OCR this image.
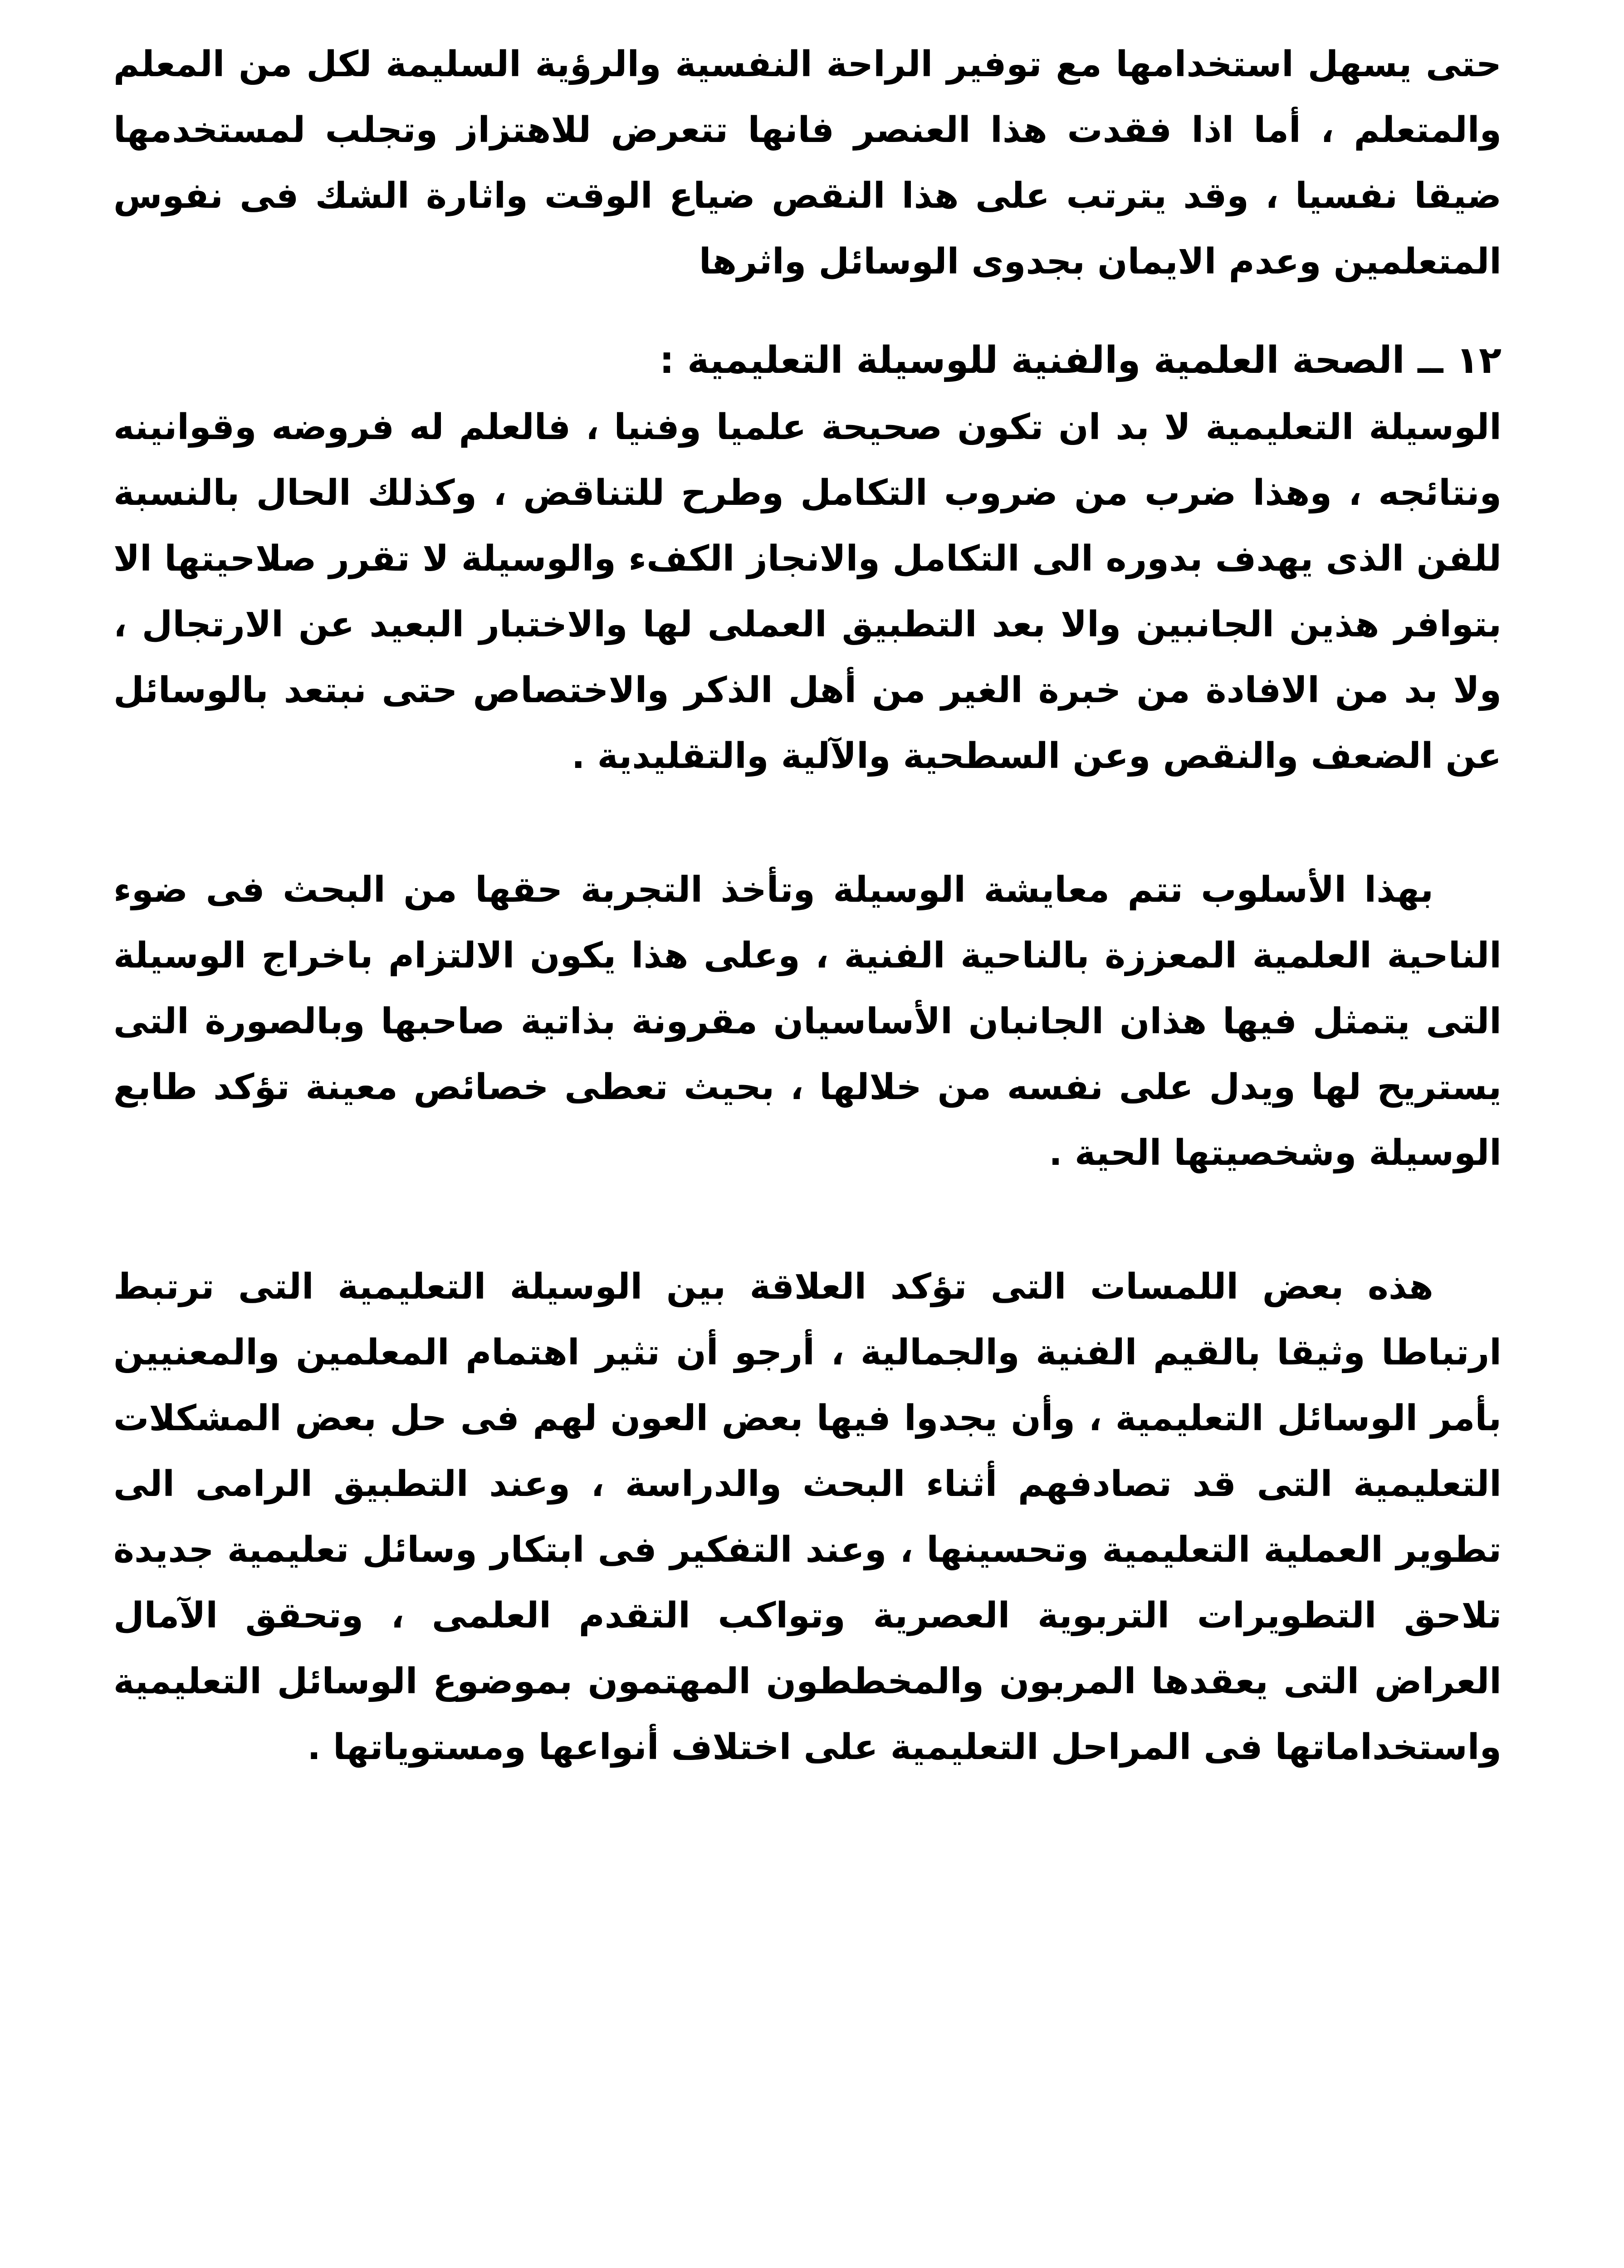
حتى يسهل استخدامها مع توفير الراحة النفسية والرؤية السليمة لكل من المعلم والمتعلم ، أما اذا فقدت هذا العنصر فانها تتعرض للاهتزاز وتجلب لمستخدمها ضيقا نفسيا ، وقد يترتب على هذا النقص ضياع الوقت واثارة الشك فى نفوس المتعلمين وعدم الايمان بجدوى الوسائل واثرها

١٢ ــ الصحة العلمية والفنية للوسيلة التعليمية :

الوسيلة التعليمية لا بد ان تكون صحيحة علميا وفنيا ، فالعلم له فروضه وقوانينه ونتائجه ، وهذا ضرب من ضروب التكامل وطرح للتناقض ، وكذلك الحال بالنسبة للفن الذى يهدف بدوره الى التكامل والانجاز الكفء والوسيلة لا تقرر صلاحيتها الا بتوافر هذين الجانبين والا بعد التطبيق العملى لها والاختبار البعيد عن الارتجال ، ولا بد من الافادة من خبرة الغير من أهل الذكر والاختصاص حتى نبتعد بالوسائل عن الضعف والنقص وعن السطحية والآلية والتقليدية .

بهذا الأسلوب تتم معايشة الوسيلة وتأخذ التجربة حقها من البحث فى ضوء الناحية العلمية المعززة بالناحية الفنية ، وعلى هذا يكون الالتزام باخراج الوسيلة التى يتمثل فيها هذان الجانبان الأساسيان مقرونة بذاتية صاحبها وبالصورة التى يستريح لها ويدل على نفسه من خلالها ، بحيث تعطى خصائص معينة تؤكد طابع الوسيلة وشخصيتها الحية .

هذه بعض اللمسات التى تؤكد العلاقة بين الوسيلة التعليمية التى ترتبط ارتباطا وثيقا بالقيم الفنية والجمالية ، أرجو أن تثير اهتمام المعلمين والمعنيين بأمر الوسائل التعليمية ، وأن يجدوا فيها بعض العون لهم فى حل بعض المشكلات التعليمية التى قد تصادفهم أثناء البحث والدراسة ، وعند التطبيق الرامى الى تطوير العملية التعليمية وتحسينها ، وعند التفكير فى ابتكار وسائل تعليمية جديدة تلاحق التطويرات التربوية العصرية وتواكب التقدم العلمى ، وتحقق الآمال العراض التى يعقدها المربون والمخططون المهتمون بموضوع الوسائل التعليمية واستخداماتها فى المراحل التعليمية على اختلاف أنواعها ومستوياتها .
